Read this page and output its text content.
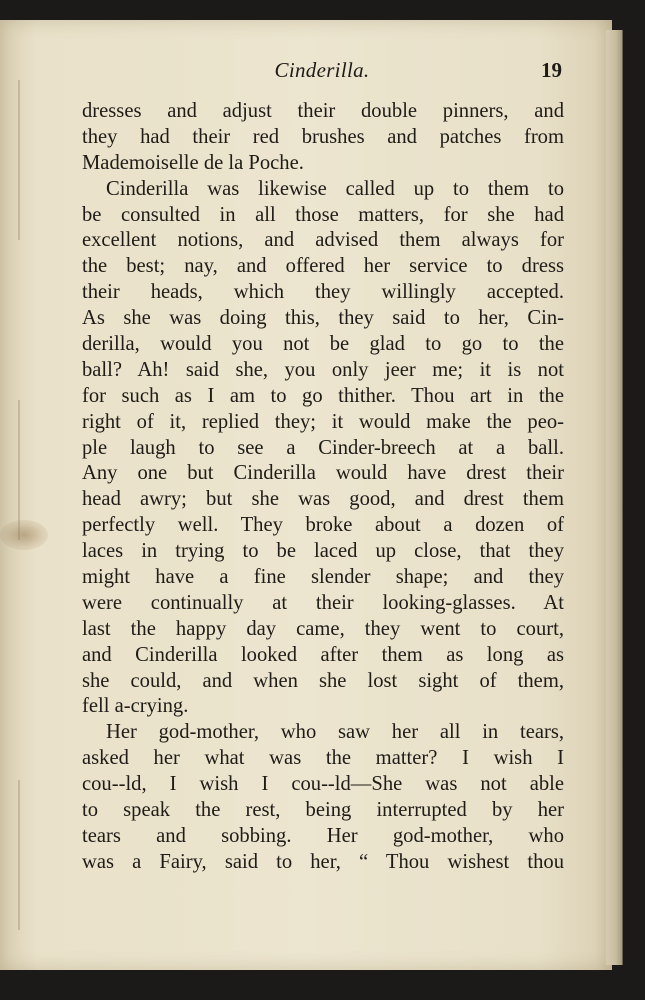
Cinderilla.	19
dresses and adjust their double pinners, and
they had their red brushes and patches from
Mademoiselle de la Poche.
Cinderilla was likewise called up to them to
be consulted in all those matters, for she had
excellent notions, and advised them always for
the best; nay, and offered her service to dress
their heads, which they willingly accepted.
As she was doing this, they said to her, Cin-
derilla, would you not be glad to go to the
ball? Ah! said she, you only jeer me; it is not
for such as I am to go thither. Thou art in the
right of it, replied they; it would make the peo-
ple laugh to see a Cinder-breech at a ball.
Any one but Cinderilla would have drest their
head awry; but she was good, and drest them
perfectly well. They broke about a dozen of
laces in trying to be laced up close, that they
might have a fine slender shape; and they
were continually at their looking-glasses. At
last the happy day came, they went to court,
and Cinderilla looked after them as long as
she could, and when she lost sight of them,
fell a-crying.
Her god-mother, who saw her all in tears,
asked her what was the matter? I wish I
cou--ld, I wish I cou--ld—She was not able
to speak the rest, being interrupted by her
tears and sobbing. Her god-mother, who
was a Fairy, said to her, “ Thou wishest thou
